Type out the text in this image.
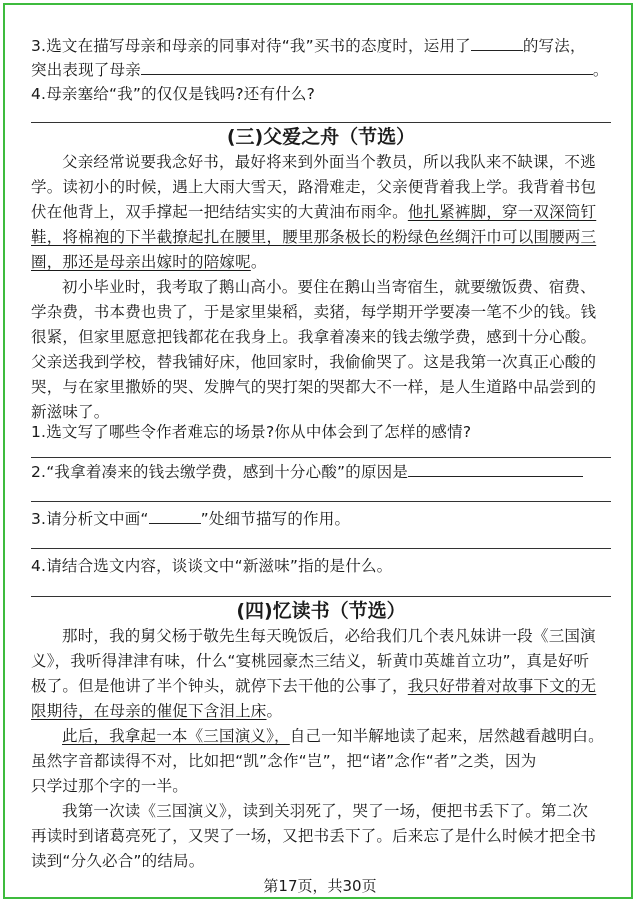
3.选文在描写母亲和母亲的同事对待“我”买书的态度时，运用了	的写法，
突出表现了母亲	。
4.母亲塞给“我”的仅仅是钱吗?还有什么?
(三)父爱之舟（节选）
父亲经常说要我念好书，最好将来到外面当个教员，所以我队来不缺课，不逃
学。读初小的时候，遇上大雨大雪天，路滑难走，父亲便背着我上学。我背着书包
伏在他背上，双手撑起一把结结实实的大黄油布雨伞。他扎紧裤脚，穿一双深筒钉
鞋，将棉袍的下半截撩起扎在腰里，腰里那条极长的粉绿色丝绸汗巾可以围腰两三
圈，那还是母亲出嫁时的陪嫁呢。
初小毕业时，我考取了鹅山高小。要住在鹅山当寄宿生，就要缴饭费、宿费、
学杂费，书本费也贵了，于是家里粜稻，卖猪，每学期开学要凑一笔不少的钱。钱
很紧，但家里愿意把钱都花在我身上。我拿着凑来的钱去缴学费，感到十分心酸。
父亲送我到学校，替我铺好床，他回家时，我偷偷哭了。这是我第一次真正心酸的
哭，与在家里撒娇的哭、发脾气的哭打架的哭都大不一样，是人生道路中品尝到的
新滋味了。
1.选文写了哪些令作者难忘的场景?你从中体会到了怎样的感情?
2.“我拿着凑来的钱去缴学费，感到十分心酸”的原因是
3.请分析文中画“	”处细节描写的作用。
4.请结合选文内容，谈谈文中“新滋味”指的是什么。
(四)忆读书（节选）
那时，我的舅父杨于敬先生每天晚饭后，必给我们几个表凡妹讲一段《三国演
义》，我听得津津有味，什么“宴桃园豪杰三结义，斩黄巾英雄首立功”，真是好听
极了。但是他讲了半个钟头，就停下去干他的公事了，我只好带着对故事下文的无
限期待，在母亲的催促下含泪上床。
此后，我拿起一本《三国演义》，自己一知半解地读了起来，居然越看越明白。
虽然字音都读得不对，比如把“凯”念作“岂”，把“诸”念作“者”之类，因为
只学过那个字的一半。
我第一次读《三国演义》，读到关羽死了，哭了一场，便把书丢下了。第二次
再读时到诸葛亮死了，又哭了一场，又把书丢下了。后来忘了是什么时候才把全书
读到“分久必合”的结局。
第17页，共30页
